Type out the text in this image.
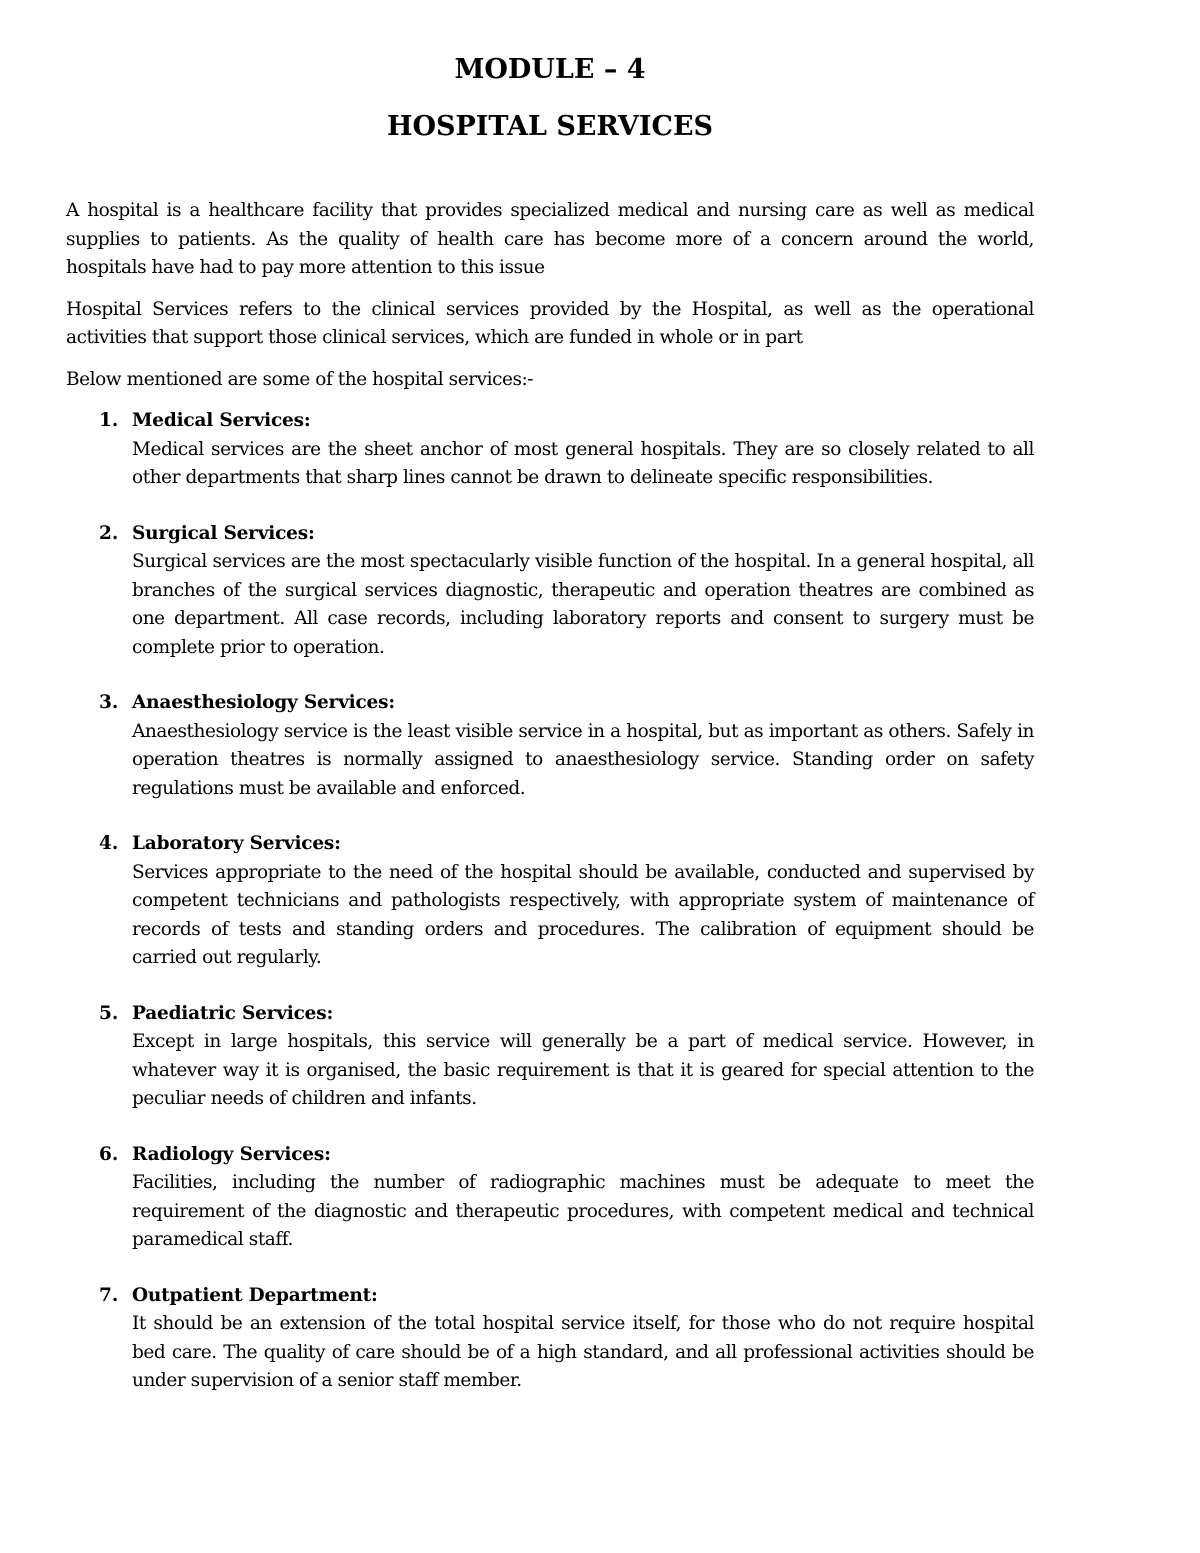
MODULE – 4
HOSPITAL SERVICES

A hospital is a healthcare facility that provides specialized medical and nursing care as well as medical supplies to patients. As the quality of health care has become more of a concern around the world, hospitals have had to pay more attention to this issue

Hospital Services refers to the clinical services provided by the Hospital, as well as the operational activities that support those clinical services, which are funded in whole or in part

Below mentioned are some of the hospital services:-

1. Medical Services:

Medical services are the sheet anchor of most general hospitals. They are so closely related to all other departments that sharp lines cannot be drawn to delineate specific responsibilities.

2. Surgical Services:

Surgical services are the most spectacularly visible function of the hospital. In a general hospital, all branches of the surgical services diagnostic, therapeutic and operation theatres are combined as one department. All case records, including laboratory reports and consent to surgery must be complete prior to operation.

3. Anaesthesiology Services:

Anaesthesiology service is the least visible service in a hospital, but as important as others. Safely in operation theatres is normally assigned to anaesthesiology service. Standing order on safety regulations must be available and enforced.

4. Laboratory Services:

Services appropriate to the need of the hospital should be available, conducted and supervised by competent technicians and pathologists respectively, with appropriate system of maintenance of records of tests and standing orders and procedures. The calibration of equipment should be carried out regularly.

5. Paediatric Services:

Except in large hospitals, this service will generally be a part of medical service. However, in whatever way it is organised, the basic requirement is that it is geared for special attention to the peculiar needs of children and infants.

6. Radiology Services:

Facilities, including the number of radiographic machines must be adequate to meet the requirement of the diagnostic and therapeutic procedures, with competent medical and technical paramedical staff.

7. Outpatient Department:

It should be an extension of the total hospital service itself, for those who do not require hospital bed care. The quality of care should be of a high standard, and all professional activities should be under supervision of a senior staff member.
